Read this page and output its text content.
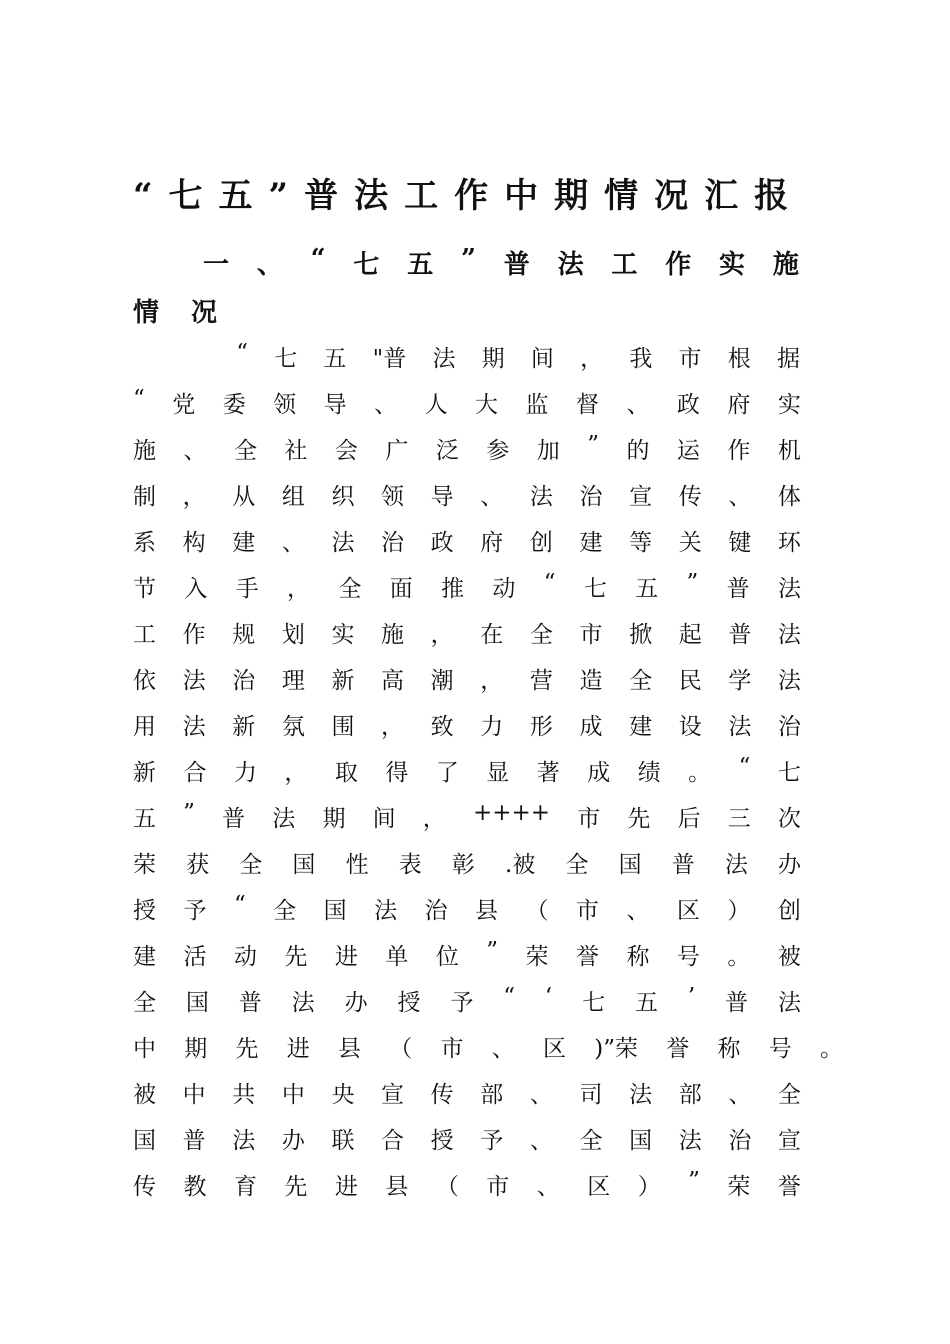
“七五”普法工作中期情况汇报
一 、 “ 七 五 ” 普 法 工 作 实 施
情 况
“ 七 五 "普 法 期 间 ， 我 市 根 据
“ 党 委 领 导 、 人 大 监 督 、 政 府 实
施 、 全 社 会 广 泛 参 加 ” 的 运 作 机
制 ， 从 组 织 领 导 、 法 治 宣 传 、 体
系 构 建 、 法 治 政 府 创 建 等 关 键 环
节 入 手 ， 全 面 推 动 “ 七 五 ” 普 法
工 作 规 划 实 施 ， 在 全 市 掀 起 普 法
依 法 治 理 新 高 潮 ， 营 造 全 民 学 法
用 法 新 氛 围 ， 致 力 形 成 建 设 法 治
新 合 力 ， 取 得 了 显 著 成 绩 。 “ 七
五 ” 普 法 期 间 ， ++++ 市 先 后 三 次
荣 获 全 国 性 表 彰 .被 全 国 普 法 办
授 予 “ 全 国 法 治 县 （ 市 、 区 ） 创
建 活 动 先 进 单 位 ” 荣 誉 称 号 。 被
全 国 普 法 办 授 予 “ ‘ 七 五 ’ 普 法
中 期 先 进 县 （ 市 、 区 )”荣 誉 称 号 。
被 中 共 中 央 宣 传 部 、 司 法 部 、 全
国 普 法 办 联 合 授 予 、 全 国 法 治 宣
传 教 育 先 进 县 （ 市 、 区 ） ” 荣 誉
